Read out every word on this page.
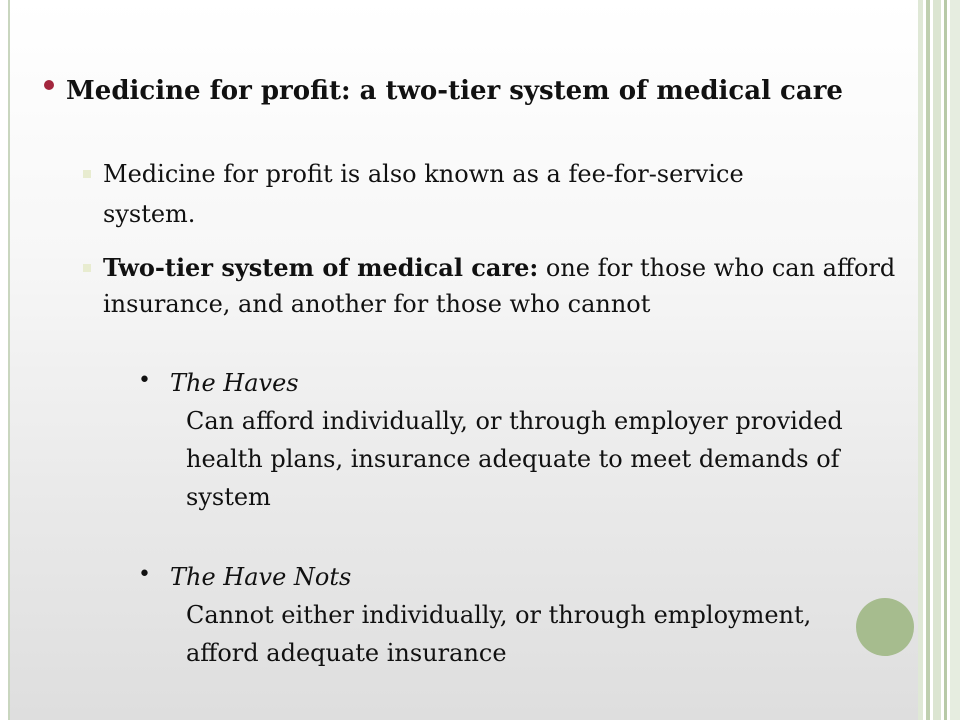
Medicine for profit: a two-tier system of medical care
Medicine for profit is also known as a fee-for-service
system.
Two-tier system of medical care: one for those who can afford insurance, and another for those who cannot
• The Haves
Can afford individually, or through employer provided health plans, insurance adequate to meet demands of system
• The Have Nots
Cannot either individually, or through employment, afford adequate insurance
